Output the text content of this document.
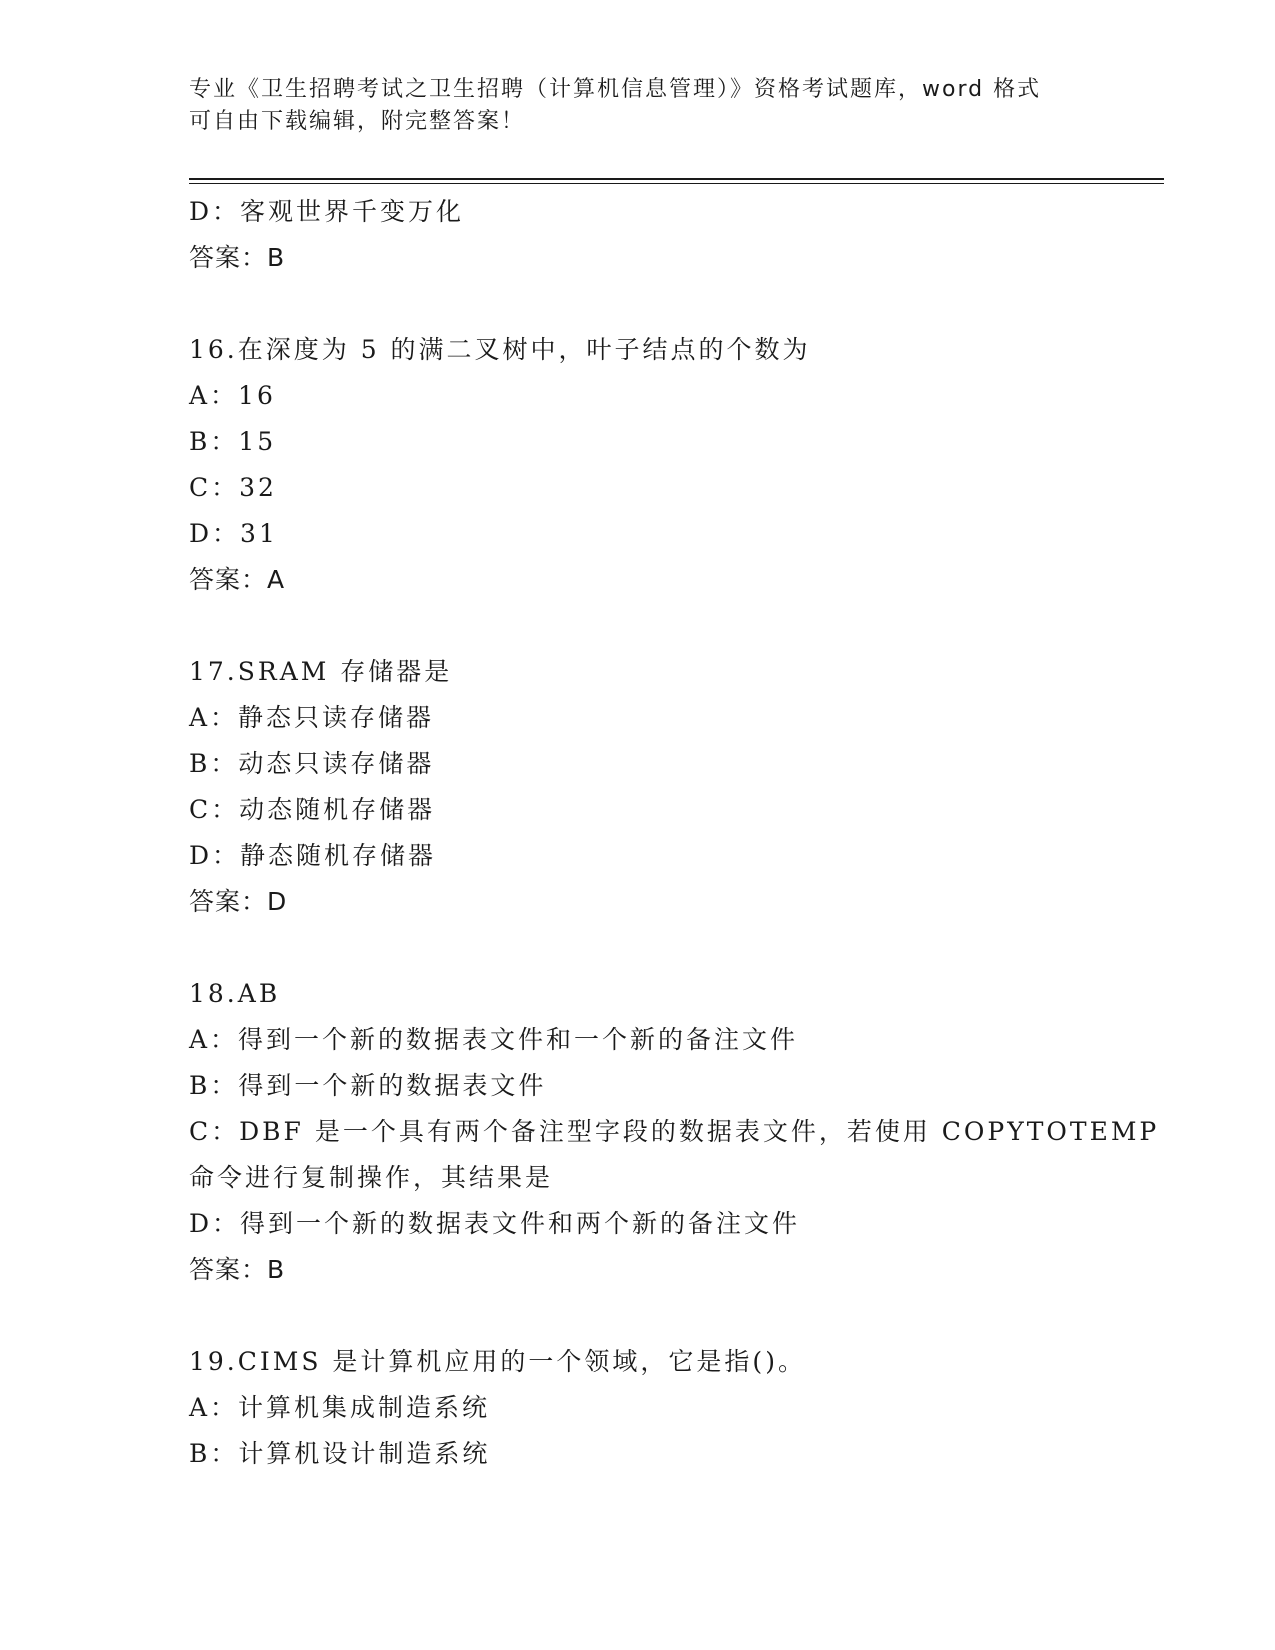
专业《卫生招聘考试之卫生招聘（计算机信息管理）》资格考试题库，word 格式
可自由下载编辑，附完整答案！
D：客观世界千变万化
答案：B
16.在深度为 5 的满二叉树中，叶子结点的个数为
A：16
B：15
C：32
D：31
答案：A
17.SRAM 存储器是
A：静态只读存储器
B：动态只读存储器
C：动态随机存储器
D：静态随机存储器
答案：D
18.AB
A：得到一个新的数据表文件和一个新的备注文件
B：得到一个新的数据表文件
C：DBF 是一个具有两个备注型字段的数据表文件，若使用 COPYTOTEMP
命令进行复制操作，其结果是
D：得到一个新的数据表文件和两个新的备注文件
答案：B
19.CIMS 是计算机应用的一个领域，它是指()。
A：计算机集成制造系统
B：计算机设计制造系统
